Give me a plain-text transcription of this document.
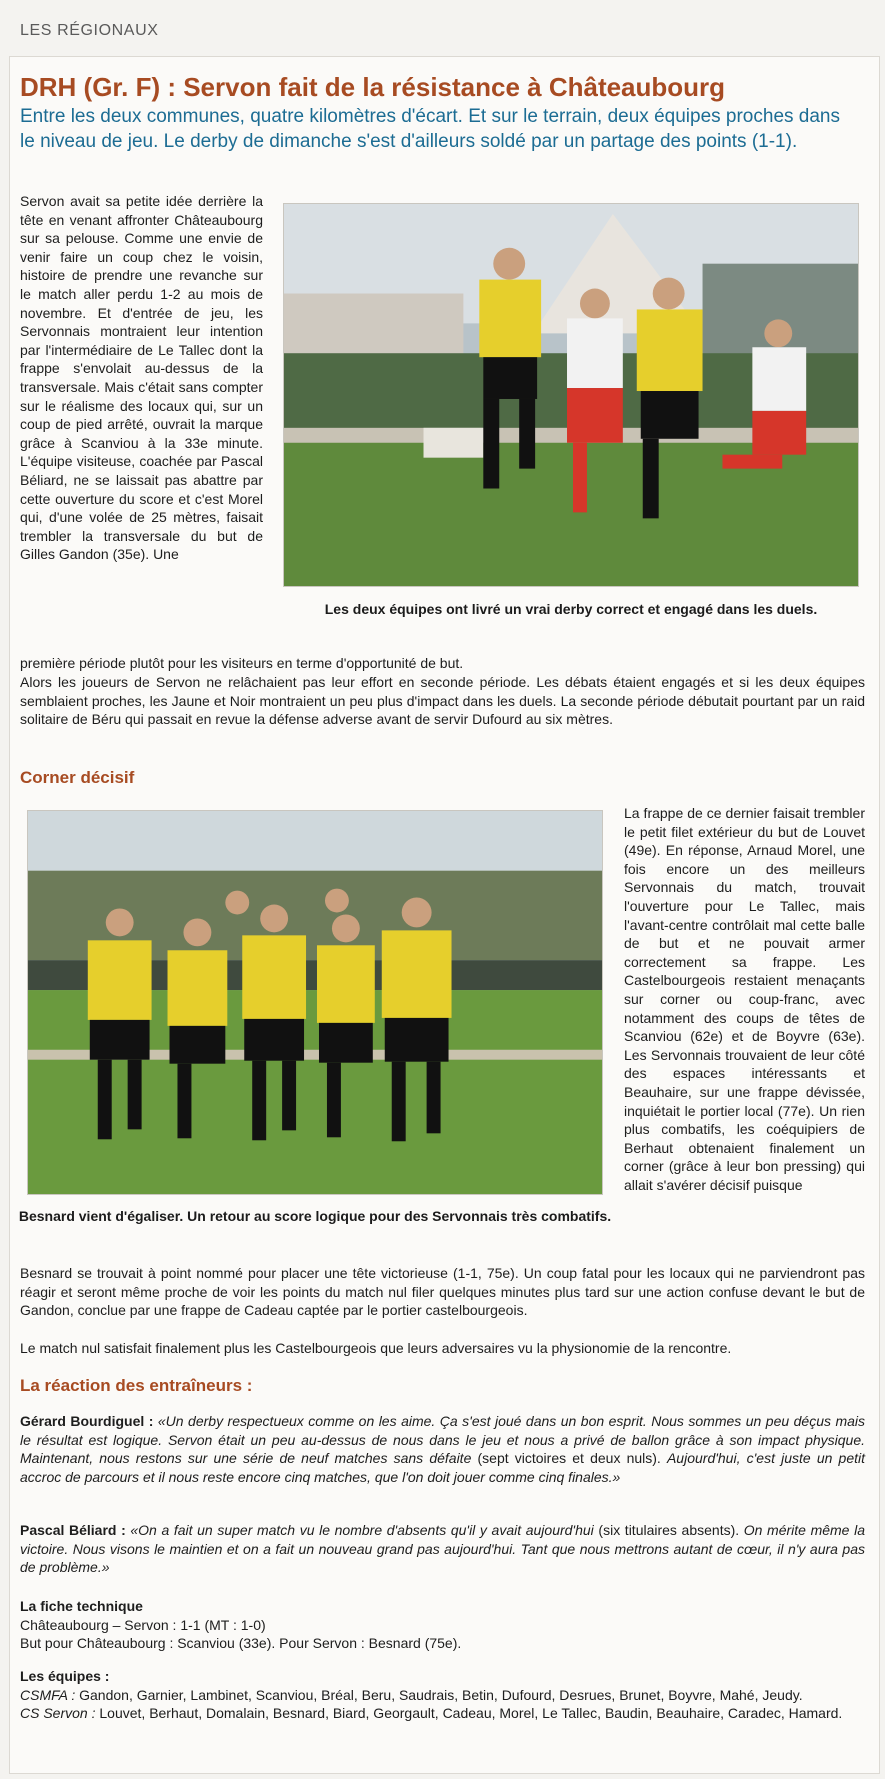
LES RÉGIONAUX
DRH (Gr. F) : Servon fait de la résistance à Châteaubourg

Entre les deux communes, quatre kilomètres d'écart. Et sur le terrain, deux équipes proches dans le niveau de jeu. Le derby de dimanche s'est d'ailleurs soldé par un partage des points (1-1).

Les deux équipes ont livré un vrai derby correct et engagé dans les duels.
Servon avait sa petite idée derrière la tête en venant affronter Châteaubourg sur sa pelouse. Comme une envie de venir faire un coup chez le voisin, histoire de prendre une revanche sur le match aller perdu 1-2 au mois de novembre. Et d'entrée de jeu, les Servonnais montraient leur intention par l'intermédiaire de Le Tallec dont la frappe s'envolait au-dessus de la transversale. Mais c'était sans compter sur le réalisme des locaux qui, sur un coup de pied arrêté, ouvrait la marque grâce à Scanviou à la 33e minute. L'équipe visiteuse, coachée par Pascal Béliard, ne se laissait pas abattre par cette ouverture du score et c'est Morel qui, d'une volée de 25 mètres, faisait trembler la transversale du but de Gilles Gandon (35e). Une
première période plutôt pour les visiteurs en terme d'opportunité de but.
Alors les joueurs de Servon ne relâchaient pas leur effort en seconde période. Les débats étaient engagés et si les deux équipes semblaient proches, les Jaune et Noir montraient un peu plus d'impact dans les duels. La seconde période débutait pourtant par un raid solitaire de Béru qui passait en revue la défense adverse avant de servir Dufourd au six mètres.
Corner décisif
Besnard vient d'égaliser. Un retour au score logique pour des Servonnais très combatifs.
La frappe de ce dernier faisait trembler le petit filet extérieur du but de Louvet (49e). En réponse, Arnaud Morel, une fois encore un des meilleurs Servonnais du match, trouvait l'ouverture pour Le Tallec, mais l'avant-centre contrôlait mal cette balle de but et ne pouvait armer correctement sa frappe. Les Castelbourgeois restaient menaçants sur corner ou coup-franc, avec notamment des coups de têtes de Scanviou (62e) et de Boyvre (63e). Les Servonnais trouvaient de leur côté des espaces intéressants et Beauhaire, sur une frappe dévissée, inquiétait le portier local (77e). Un rien plus combatifs, les coéquipiers de Berhaut obtenaient finalement un corner (grâce à leur bon pressing) qui allait s'avérer décisif puisque
Besnard se trouvait à point nommé pour placer une tête victorieuse (1-1, 75e). Un coup fatal pour les locaux qui ne parviendront pas réagir et seront même proche de voir les points du match nul filer quelques minutes plus tard sur une action confuse devant le but de Gandon, conclue par une frappe de Cadeau captée par le portier castelbourgeois.
Le match nul satisfait finalement plus les Castelbourgeois que leurs adversaires vu la physionomie de la rencontre.
La réaction des entraîneurs :
Gérard Bourdiguel : «Un derby respectueux comme on les aime. Ça s'est joué dans un bon esprit. Nous sommes un peu déçus mais le résultat est logique. Servon était un peu au-dessus de nous dans le jeu et nous a privé de ballon grâce à son impact physique. Maintenant, nous restons sur une série de neuf matches sans défaite (sept victoires et deux nuls). Aujourd'hui, c'est juste un petit accroc de parcours et il nous reste encore cinq matches, que l'on doit jouer comme cinq finales.»
Pascal Béliard : «On a fait un super match vu le nombre d'absents qu'il y avait aujourd'hui (six titulaires absents). On mérite même la victoire. Nous visons le maintien et on a fait un nouveau grand pas aujourd'hui. Tant que nous mettrons autant de cœur, il n'y aura pas de problème.»

La fiche technique

Châteaubourg – Servon : 1-1 (MT : 1-0)

But pour Châteaubourg : Scanviou (33e). Pour Servon : Besnard (75e).

Les équipes :

CSMFA : Gandon, Garnier, Lambinet, Scanviou, Bréal, Beru, Saudrais, Betin, Dufourd, Desrues, Brunet, Boyvre, Mahé, Jeudy.

CS Servon : Louvet, Berhaut, Domalain, Besnard, Biard, Georgault, Cadeau, Morel, Le Tallec, Baudin, Beauhaire, Caradec, Hamard.
